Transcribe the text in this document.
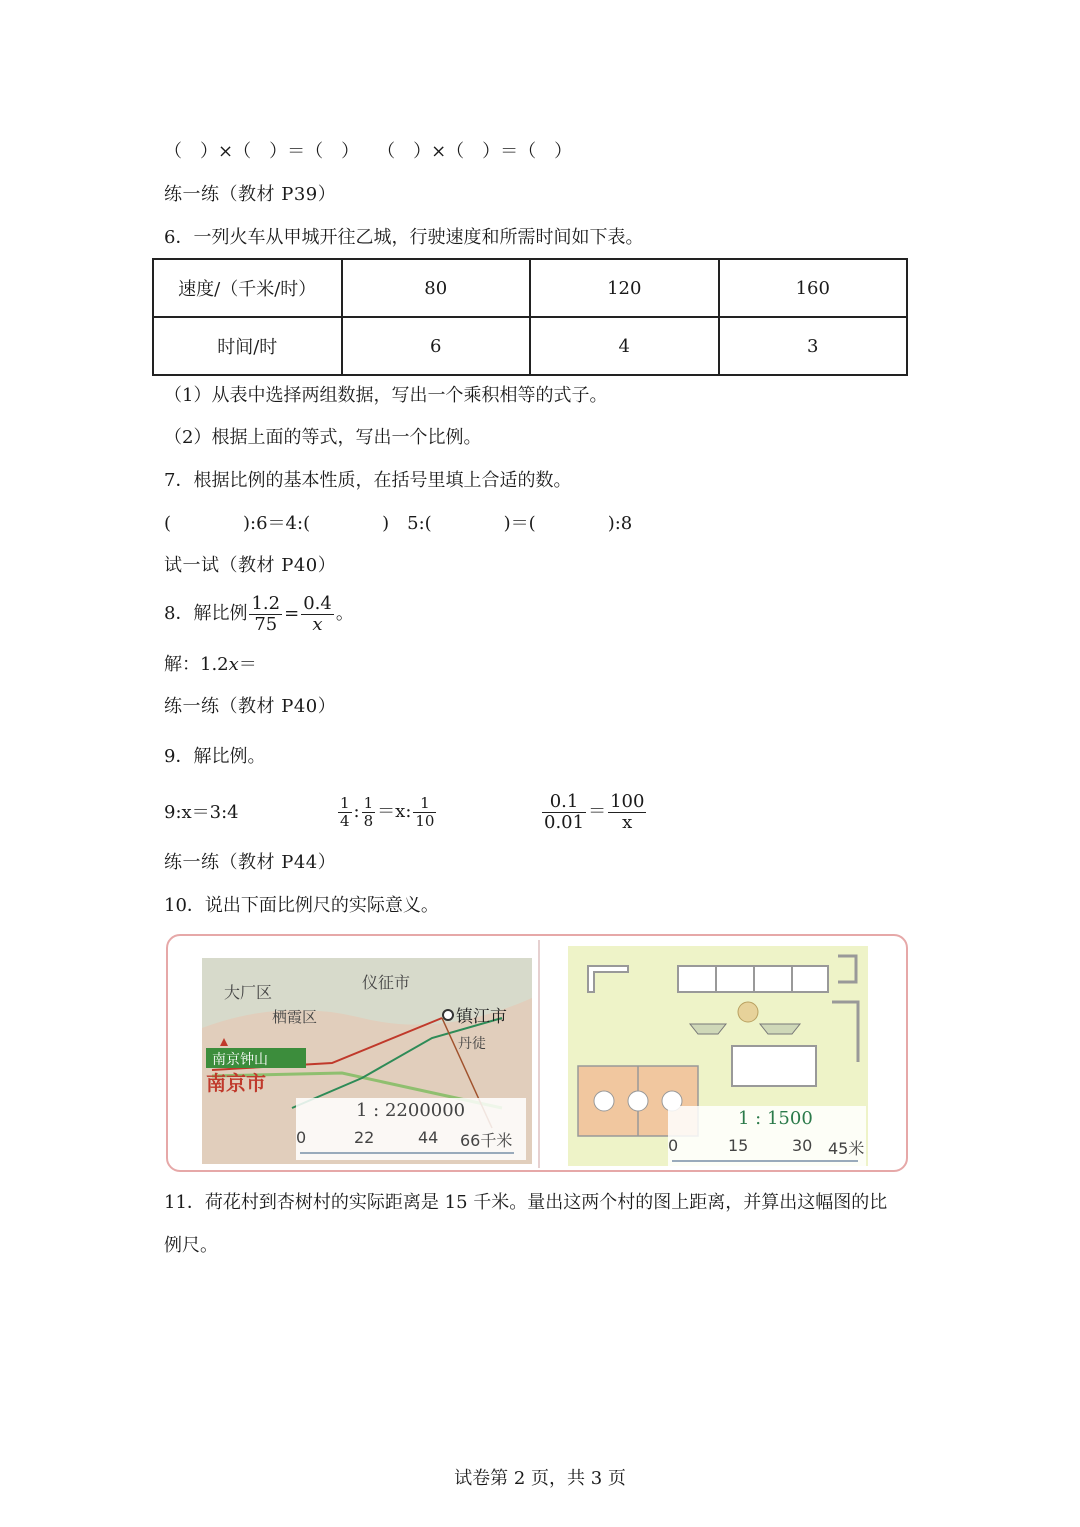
（　）×（　）＝（　）　　（　）×（　）＝（　）
练一练（教材 P39）
6．一列火车从甲城开往乙城，行驶速度和所需时间如下表。
速度/（千米/时）	80	120	160
时间/时	6	4	3
（1）从表中选择两组数据，写出一个乘积相等的式子。
（2）根据上面的等式，写出一个比例。
7．根据比例的基本性质，在括号里填上合适的数。
(　　　　):6＝4:(　　　　)　5:(　　　　)＝(　　　　):8
试一试（教材 P40）
8．解比例 $\frac{1.2}{75} = \frac{0.4}{x}$ 。
解：1.2x＝
练一练（教材 P40）
9．解比例。
9:x＝3:4	$\frac{1}{4}$ : $\frac{1}{8} =x$: $\frac{1}{10}$	$\frac{0.1}{0.01} = \frac{100}{x}$
练一练（教材 P44）
10．说出下面比例尺的实际意义。
大厂区
仪征市
栖霞区	镇江市
南京钟山
南京市
丹徒
1 : 2200000
0	22	44 66千米
1 : 1500
0	15	30 45米
11．荷花村到杏树村的实际距离是 15 千米。量出这两个村的图上距离，并算出这幅图的比
例尺。
试卷第 2 页，共 3 页
